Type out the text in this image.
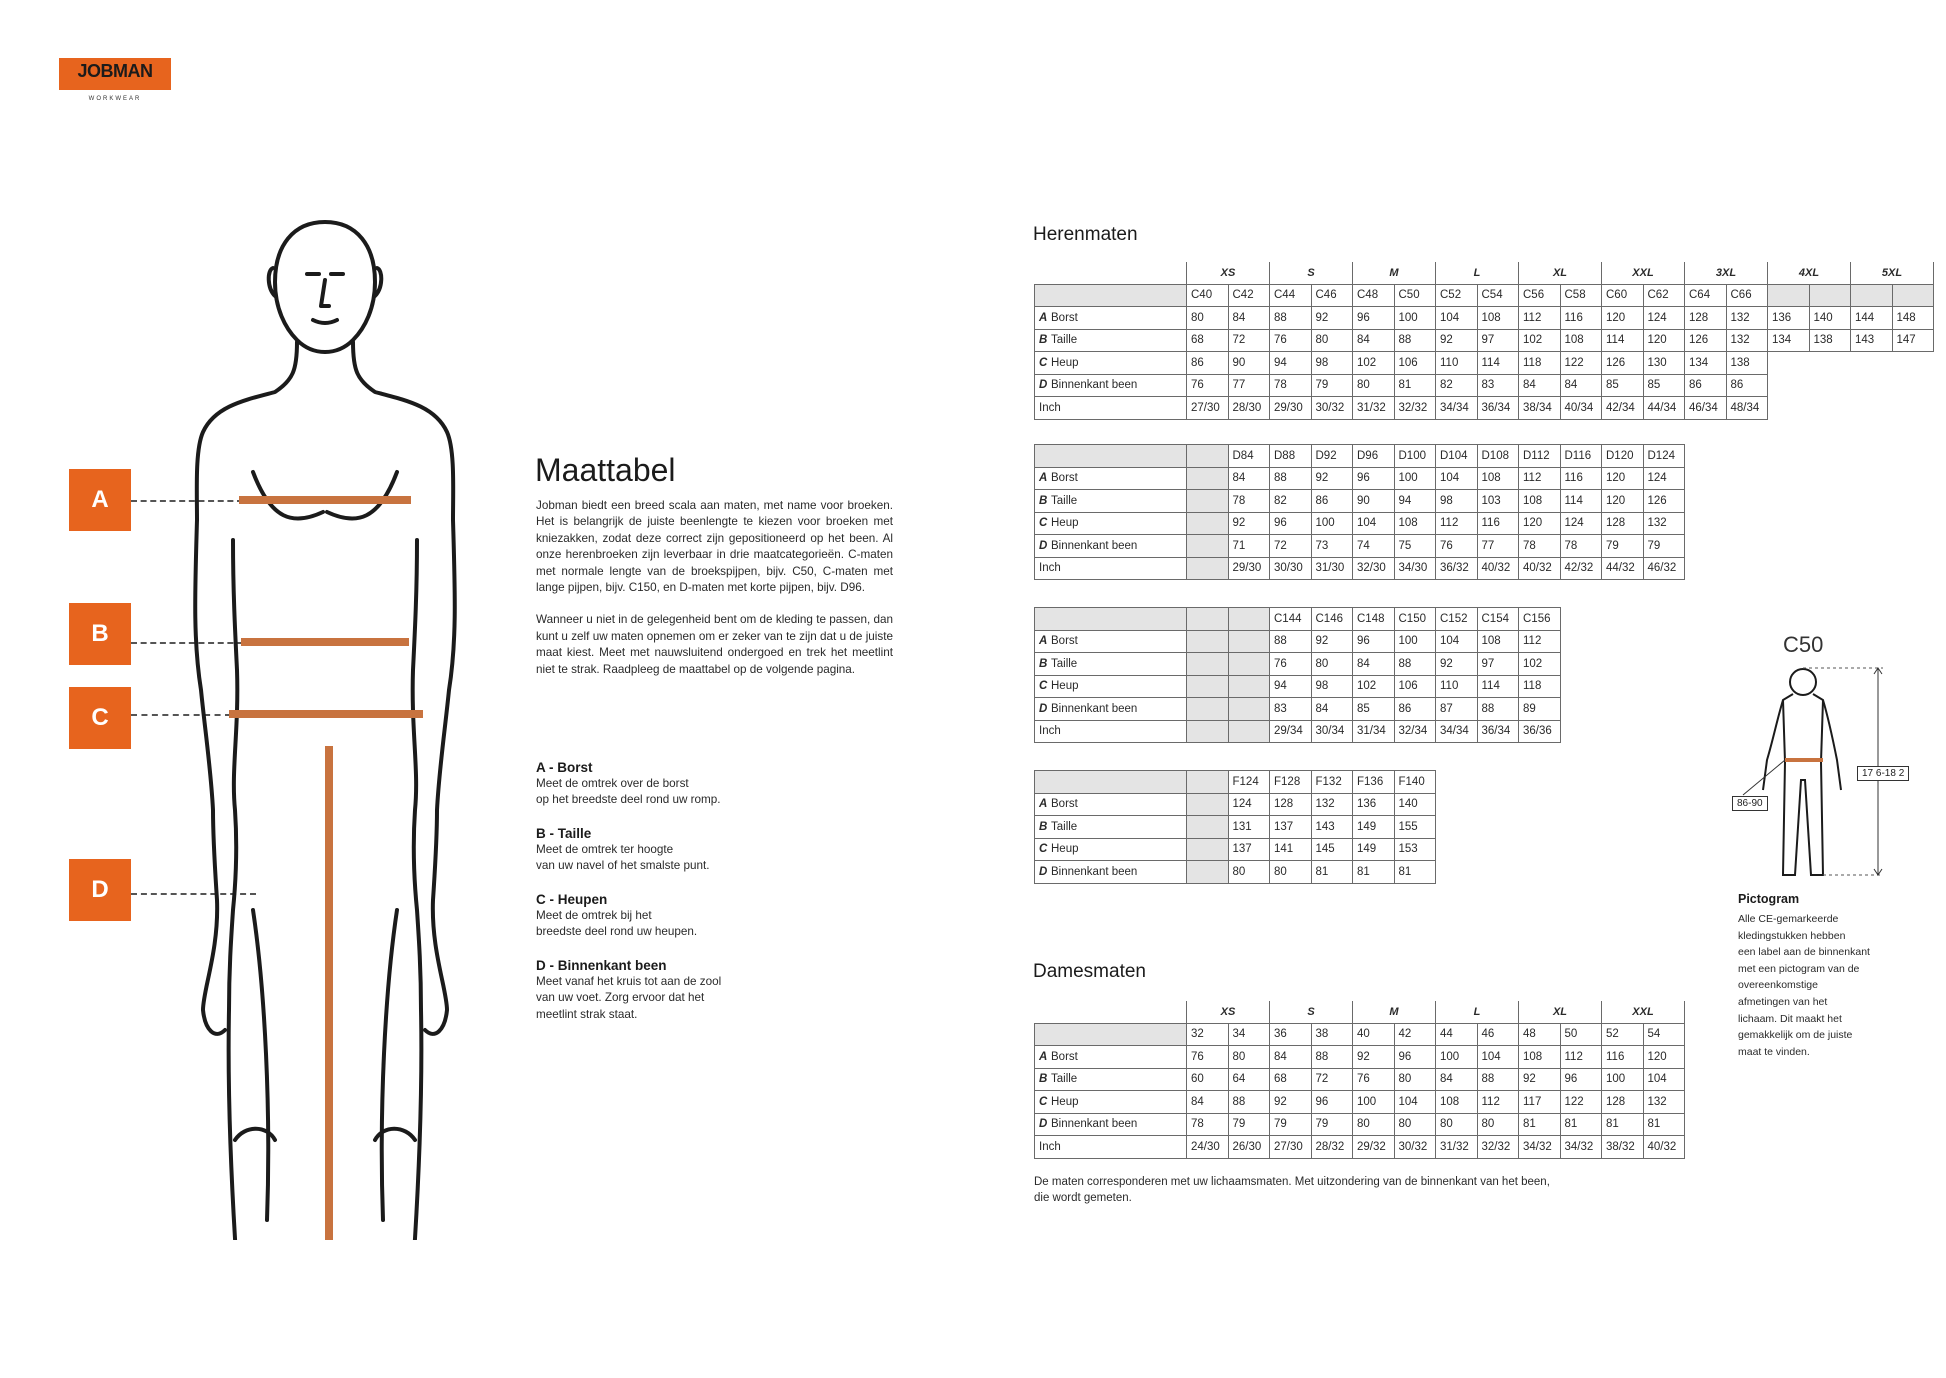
JOBMAN
WORKWEAR
A
B
C
D
Maattabel

Jobman biedt een breed scala aan maten, met name voor broeken. Het is belangrijk de juiste beenlengte te kiezen voor broeken met kniezakken, zodat deze correct zijn gepositioneerd op het been. Al onze herenbroeken zijn leverbaar in drie maatcategorieën. C-maten met normale lengte van de broekspijpen, bijv. C50, C-maten met lange pijpen, bijv. C150, en D-maten met korte pijpen, bijv. D96.

Wanneer u niet in de gelegenheid bent om de kleding te passen, dan kunt u zelf uw maten opnemen om er zeker van te zijn dat u de juiste maat kiest. Meet met nauwsluitend ondergoed en trek het meetlint niet te strak. Raadpleeg de maattabel op de volgende pagina.

A - Borst
Meet de omtrek over de borst
op het breedste deel rond uw romp.
B - Taille
Meet de omtrek ter hoogte
van uw navel of het smalste punt.
C - Heupen
Meet de omtrek bij het
breedste deel rond uw heupen.
D - Binnenkant been
Meet vanaf het kruis tot aan de zool
van uw voet. Zorg ervoor dat het
meetlint strak staat.
Herenmaten
Damesmaten
	XS		S		M		L		XL		XXL		3XL		4XL		5XL	
	C40	C42	C44	C46	C48	C50	C52	C54	C56	C58	C60	C62	C64	C66				
A Borst	80	84	88	92	96	100	104	108	112	116	120	124	128	132	136	140	144	148
B Taille	68	72	76	80	84	88	92	97	102	108	114	120	126	132	134	138	143	147
C Heup	86	90	94	98	102	106	110	114	118	122	126	130	134	138				
D Binnenkant been	76	77	78	79	80	81	82	83	84	84	85	85	86	86				
Inch	27/30	28/30	29/30	30/32	31/32	32/32	34/34	36/34	38/34	40/34	42/34	44/34	46/34	48/34				
		D84	D88	D92	D96	D100	D104	D108	D112	D116	D120	D124
A Borst		84	88	92	96	100	104	108	112	116	120	124
B Taille		78	82	86	90	94	98	103	108	114	120	126
C Heup		92	96	100	104	108	112	116	120	124	128	132
D Binnenkant been		71	72	73	74	75	76	77	78	78	79	79
Inch		29/30	30/30	31/30	32/30	34/30	36/32	40/32	40/32	42/32	44/32	46/32
			C144	C146	C148	C150	C152	C154	C156
A Borst			88	92	96	100	104	108	112
B Taille			76	80	84	88	92	97	102
C Heup			94	98	102	106	110	114	118
D Binnenkant been			83	84	85	86	87	88	89
Inch			29/34	30/34	31/34	32/34	34/34	36/34	36/36
		F124	F128	F132	F136	F140
A Borst		124	128	132	136	140
B Taille		131	137	143	149	155
C Heup		137	141	145	149	153
D Binnenkant been		80	80	81	81	81
	XS		S		M		L		XL		XXL	
	32	34	36	38	40	42	44	46	48	50	52	54
A Borst	76	80	84	88	92	96	100	104	108	112	116	120
B Taille	60	64	68	72	76	80	84	88	92	96	100	104
C Heup	84	88	92	96	100	104	108	112	117	122	128	132
D Binnenkant been	78	79	79	79	80	80	80	80	81	81	81	81
Inch	24/30	26/30	27/30	28/32	29/32	30/32	31/32	32/32	34/32	34/32	38/32	40/32
De maten corresponderen met uw lichaamsmaten. Met uitzondering van de binnenkant van het been, die wordt gemeten.
C50
17 6-18 2
86-90
Pictogram
Alle CE-gemarkeerde
kledingstukken hebben
een label aan de binnenkant
met een pictogram van de
overeenkomstige
afmetingen van het
lichaam. Dit maakt het
gemakkelijk om de juiste
maat te vinden.
